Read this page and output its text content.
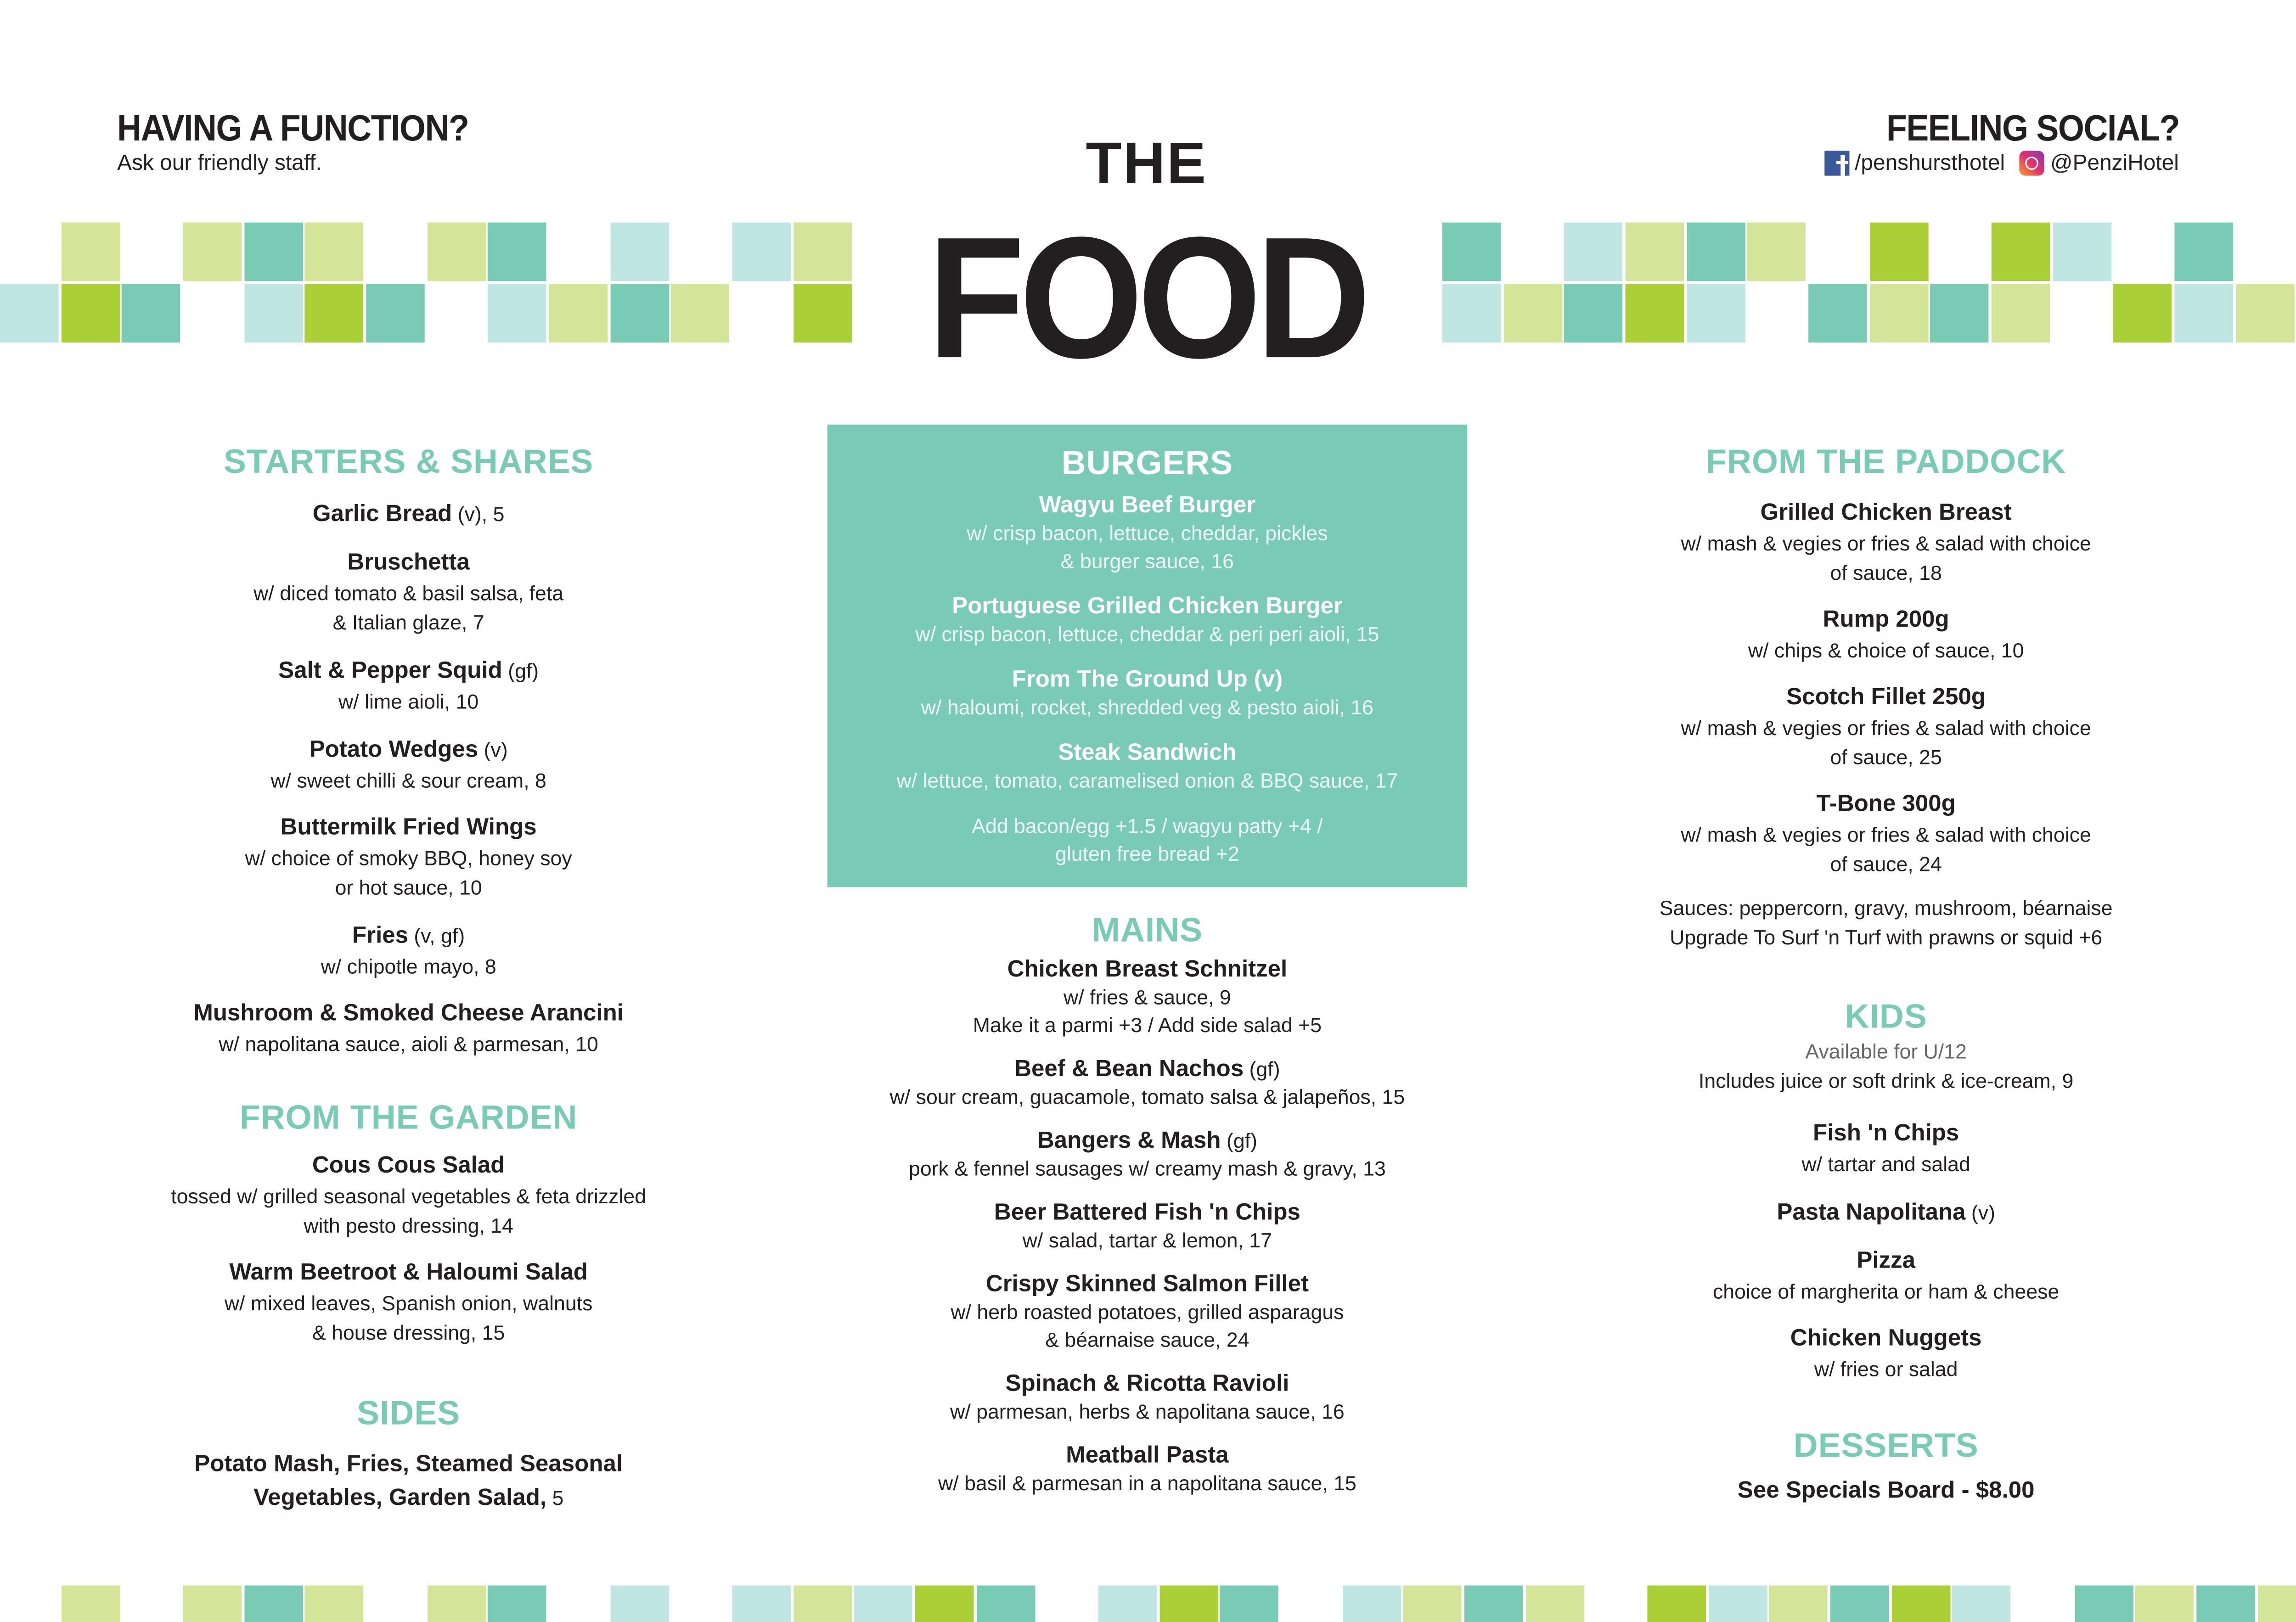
HAVING A FUNCTION?
Ask our friendly staff.	THE
FOOD
FEELING SOCIAL?
/penshursthotel	@PenziHotel
STARTERS & SHARES
Garlic Bread (v), 5
Bruschetta
w/ diced tomato & basil salsa, feta
& Italian glaze, 7
Salt & Pepper Squid (gf)
w/ lime aioli, 10
Potato Wedges (v)
w/ sweet chilli & sour cream, 8
Buttermilk Fried Wings
w/ choice of smoky BBQ, honey soy
or hot sauce, 10
Fries (v, gf)
w/ chipotle mayo, 8
Mushroom & Smoked Cheese Arancini
w/ napolitana sauce, aioli & parmesan, 10
FROM THE GARDEN
Cous Cous Salad
tossed w/ grilled seasonal vegetables & feta drizzled
with pesto dressing, 14
Warm Beetroot & Haloumi Salad
w/ mixed leaves, Spanish onion, walnuts
& house dressing, 15
SIDES
Potato Mash, Fries, Steamed Seasonal
Vegetables, Garden Salad, 5
BURGERS
Wagyu Beef Burger
w/ crisp bacon, lettuce, cheddar, pickles
& burger sauce, 16
Portuguese Grilled Chicken Burger
w/ crisp bacon, lettuce, cheddar & peri peri aioli, 15
From The Ground Up (v)
w/ haloumi, rocket, shredded veg & pesto aioli, 16
Steak Sandwich
w/ lettuce, tomato, caramelised onion & BBQ sauce, 17
Add bacon/egg +1.5 / wagyu patty +4 /
gluten free bread +2
MAINS
Chicken Breast Schnitzel
w/ fries & sauce, 9
Make it a parmi +3 / Add side salad +5
Beef & Bean Nachos (gf)
w/ sour cream, guacamole, tomato salsa & jalapeños, 15
Bangers & Mash (gf)
pork & fennel sausages w/ creamy mash & gravy, 13
Beer Battered Fish 'n Chips
w/ salad, tartar & lemon, 17
Crispy Skinned Salmon Fillet
w/ herb roasted potatoes, grilled asparagus
& béarnaise sauce, 24
Spinach & Ricotta Ravioli
w/ parmesan, herbs & napolitana sauce, 16
Meatball Pasta
w/ basil & parmesan in a napolitana sauce, 15
FROM THE PADDOCK
Grilled Chicken Breast
w/ mash & vegies or fries & salad with choice
of sauce, 18
Rump 200g
w/ chips & choice of sauce, 10
Scotch Fillet 250g
w/ mash & vegies or fries & salad with choice
of sauce, 25
T-Bone 300g
w/ mash & vegies or fries & salad with choice
of sauce, 24
Sauces: peppercorn, gravy, mushroom, béarnaise
Upgrade To Surf 'n Turf with prawns or squid +6
KIDS
Available for U/12
Includes juice or soft drink & ice-cream, 9
Fish 'n Chips
w/ tartar and salad
Pasta Napolitana (v)
Pizza
choice of margherita or ham & cheese
Chicken Nuggets
w/ fries or salad
DESSERTS
See Specials Board - $8.00
